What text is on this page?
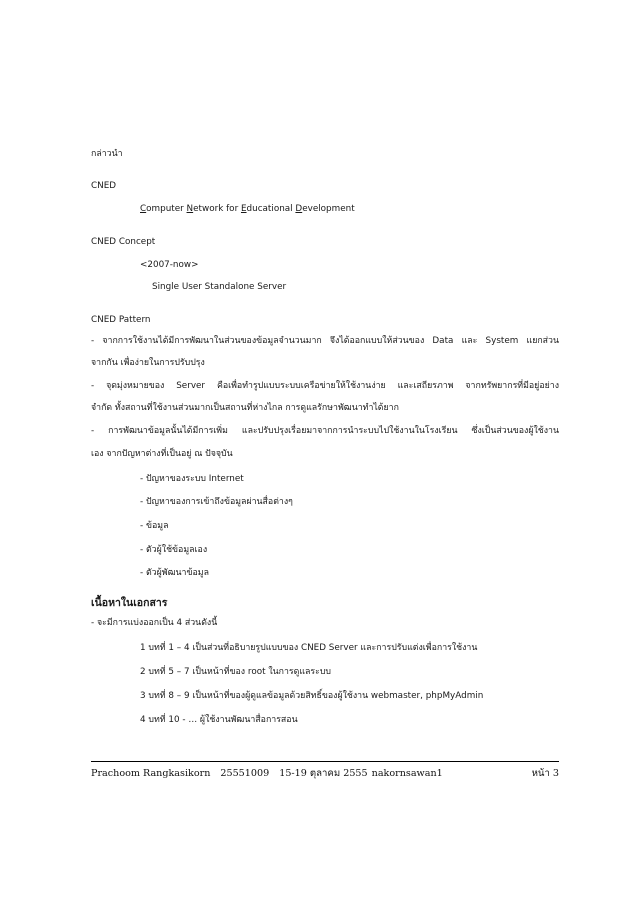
กล่าวนำ
CNED
Computer Network for Educational Development
CNED Concept
<2007-now>
Single User Standalone Server
CNED Pattern
- จากการใช้งานได้มีการพัฒนาในส่วนของข้อมูลจำนวนมาก จึงได้ออกแบบให้ส่วนของ Data และ System แยกส่วน
จากกัน เพื่อง่ายในการปรับปรุง
- จุดมุ่งหมายของ Server คือเพื่อทำรูปแบบระบบเครือข่ายให้ใช้งานง่าย และเสถียรภาพ จากทรัพยากรที่มีอยู่อย่าง
จำกัด ทั้งสถานที่ใช้งานส่วนมากเป็นสถานที่ห่างไกล การดูแลรักษาพัฒนาทำได้ยาก
- การพัฒนาข้อมูลนั้นได้มีการเพิ่ม และปรับปรุงเรื่อยมาจากการนำระบบไปใช้งานในโรงเรียน ซึ่งเป็นส่วนของผู้ใช้งาน
เอง จากปัญหาต่างที่เป็นอยู่ ณ ปัจจุบัน
- ปัญหาของระบบ Internet
- ปัญหาของการเข้าถึงข้อมูลผ่านสื่อต่างๆ
- ข้อมูล
- ตัวผู้ใช้ข้อมูลเอง
- ตัวผู้พัฒนาข้อมูล
เนื้อหาในเอกสาร
- จะมีการแบ่งออกเป็น 4 ส่วนดังนี้
1 บทที่ 1 – 4 เป็นส่วนที่อธิบายรูปแบบของ CNED Server และการปรับแต่งเพื่อการใช้งาน
2 บทที่ 5 – 7 เป็นหน้าที่ของ root ในการดูแลระบบ
3 บทที่ 8 – 9 เป็นหน้าที่ของผู้ดูแลข้อมูลด้วยสิทธิ์ของผู้ใช้งาน webmaster, phpMyAdmin
4 บทที่ 10 - … ผู้ใช้งานพัฒนาสื่อการสอน
Prachoom Rangkasikorn 25551009 15-19 ตุลาคม 2555 nakornsawan1	หน้า 3
